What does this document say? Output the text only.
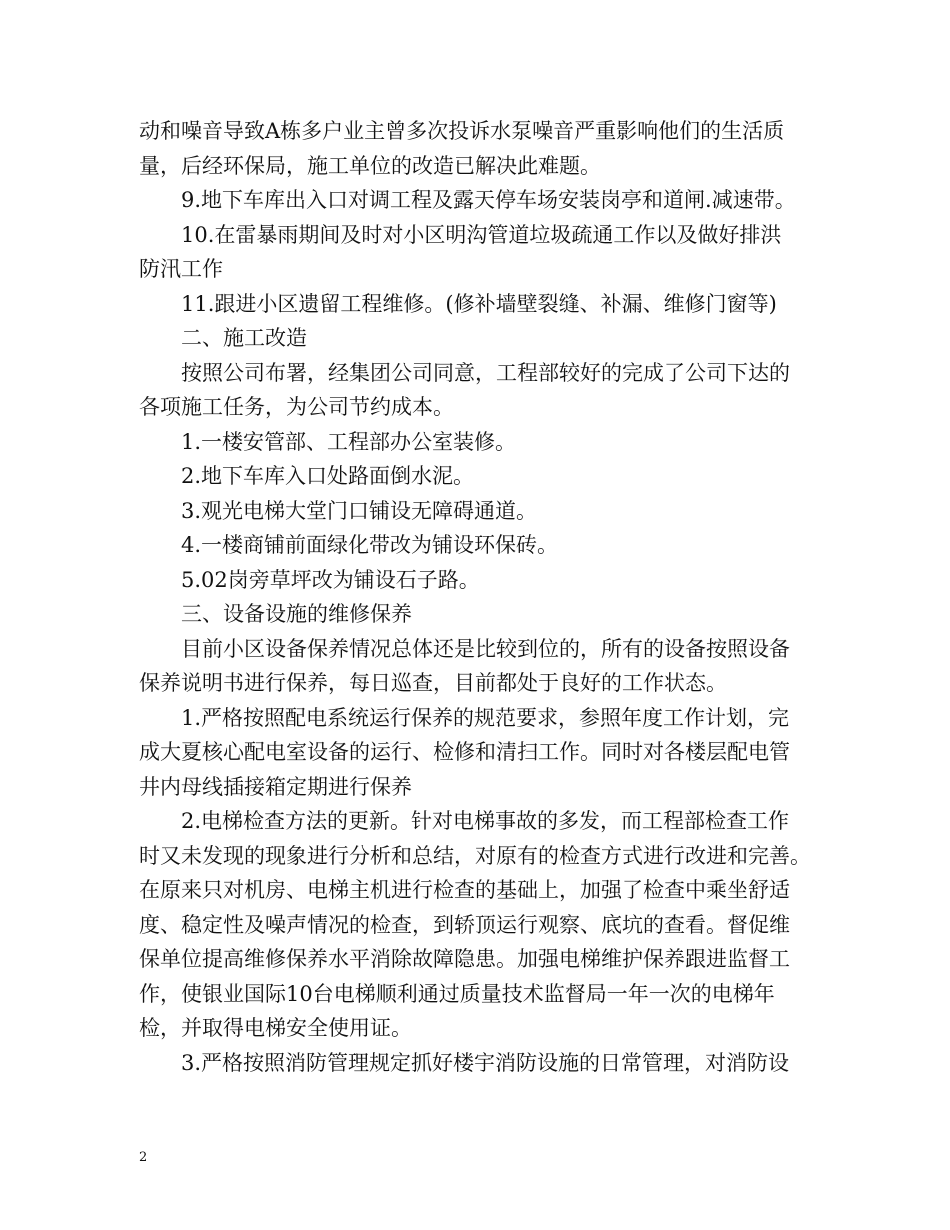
动和噪音导致A栋多户业主曾多次投诉水泵噪音严重影响他们的生活质

量，后经环保局，施工单位的改造已解决此难题。

9.地下车库出入口对调工程及露天停车场安装岗亭和道闸.减速带。

10.在雷暴雨期间及时对小区明沟管道垃圾疏通工作以及做好排洪

防汛工作

11.跟进小区遗留工程维修。(修补墙壁裂缝、补漏、维修门窗等)

二、施工改造

按照公司布署，经集团公司同意，工程部较好的完成了公司下达的

各项施工任务，为公司节约成本。

1.一楼安管部、工程部办公室装修。

2.地下车库入口处路面倒水泥。

3.观光电梯大堂门口铺设无障碍通道。

4.一楼商铺前面绿化带改为铺设环保砖。

5.02岗旁草坪改为铺设石子路。

三、设备设施的维修保养

目前小区设备保养情况总体还是比较到位的，所有的设备按照设备

保养说明书进行保养，每日巡查，目前都处于良好的工作状态。

1.严格按照配电系统运行保养的规范要求，参照年度工作计划，完

成大夏核心配电室设备的运行、检修和清扫工作。同时对各楼层配电管

井内母线插接箱定期进行保养

2.电梯检查方法的更新。针对电梯事故的多发，而工程部检查工作

时又未发现的现象进行分析和总结，对原有的检查方式进行改进和完善。

在原来只对机房、电梯主机进行检查的基础上，加强了检查中乘坐舒适

度、稳定性及噪声情况的检查，到轿顶运行观察、底坑的查看。督促维

保单位提高维修保养水平消除故障隐患。加强电梯维护保养跟进监督工

作，使银业国际10台电梯顺利通过质量技术监督局一年一次的电梯年

检，并取得电梯安全使用证。

3.严格按照消防管理规定抓好楼宇消防设施的日常管理，对消防设

2
